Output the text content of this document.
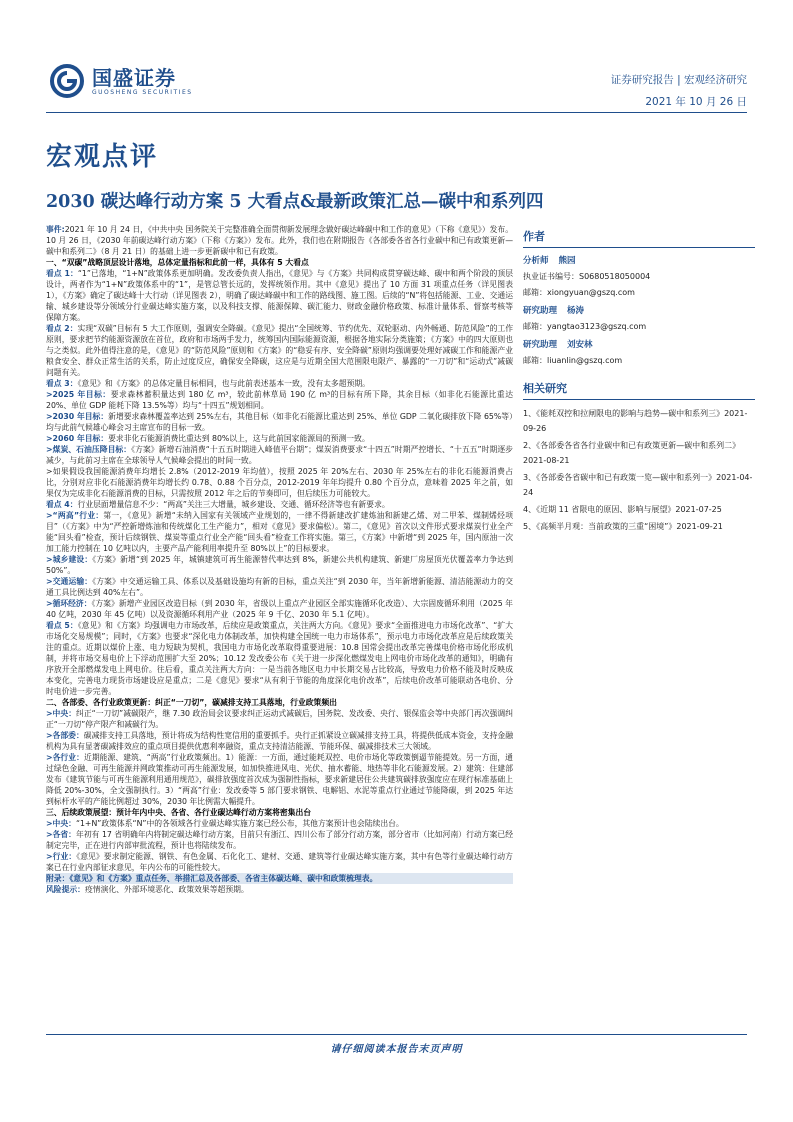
国盛证券
GUOSHENG SECURITIES
证券研究报告 | 宏观经济研究
2021 年 10 月 26 日
宏观点评
2030 碳达峰行动方案 5 大看点&最新政策汇总—碳中和系列四

事件:2021 年 10 月 24 日，《中共中央 国务院关于完整准确全面贯彻新发展理念做好碳达峰碳中和工作的意见》（下称《意见》）发布。10 月 26 日，《2030 年前碳达峰行动方案》（下称《方案》）发布。此外，我们也在附期报告《各部委各省各行业碳中和已有政策更新—碳中和系列二》（8 月 21 日）的基础上进一步更新碳中和已有政策。

一、“双碳”战略顶层设计落地，总体定量指标和此前一样，具体有 5 大看点

看点 1：“1”已落地，“1+N”政策体系更加明确。发改委负责人指出，《意见》与《方案》共同构成贯穿碳达峰、碳中和两个阶段的顶层设计，两者作为“1+N”政策体系中的“1”，是管总管长远的，发挥统领作用。其中《意见》提出了 10 方面 31 项重点任务（详见图表 1），《方案》确定了碳达峰十大行动（详见图表 2），明确了碳达峰碳中和工作的路线图、施工图。后续的“N”将包括能源、工业、交通运输、城乡建设等分领域分行业碳达峰实施方案，以及科技支撑、能源保障、碳汇能力、财政金融价格政策、标准计量体系、督察考核等保障方案。

看点 2：实现“双碳”目标有 5 大工作原则，强调安全降碳。《意见》提出“全国统筹、节约优先、双轮驱动、内外畅通、防范风险”的工作原则，要求把节约能源资源放在首位，政府和市场两手发力，统筹国内国际能源资源，根据各地实际分类施策；《方案》中的四大原则也与之类似。此外值得注意的是，《意见》的“防范风险”原则和《方案》的“稳妥有序、安全降碳”原则均强调要处理好减碳工作和能源产业粮食安全、群众正常生活的关系，防止过度反应，确保安全降碳，这应是与近期全国大范围限电限产、暴露的“一刀切”和“运动式”减碳问题有关。

看点 3：《意见》和《方案》的总体定量目标相同，也与此前表述基本一致，没有太多超预期。

>2025 年目标：要求森林蓄积量达到 180 亿 m³，较此前林草局 190 亿 m³的目标有所下降，其余目标（如非化石能源比重达 20%、单位 GDP 能耗下降 13.5%等）均与“十四五”规划相同。

>2030 年目标：新增要求森林覆盖率达到 25%左右，其他目标（如非化石能源比重达到 25%、单位 GDP 二氧化碳排放下降 65%等）均与此前气候雄心峰会习主席宣布的目标一致。

>2060 年目标：要求非化石能源消费比重达到 80%以上，这与此前国家能源局的预测一致。

>煤炭、石油压降目标：《方案》新增石油消费“十五五时期进入峰值平台期”；煤炭消费要求“十四五”时期严控增长、“十五五”时期逐步减少，与此前习主席在全球领导人气候峰会提出的时间一致。

>如果假设我国能源消费年均增长 2.8%（2012-2019 年均值），按照 2025 年 20%左右、2030 年 25%左右的非化石能源消费占比，分别对应非化石能源消费年均增长约 0.78、0.88 个百分点，2012-2019 年年均提升 0.80 个百分点，意味着 2025 年之前，如果仅为完成非化石能源消费的目标，只需按照 2012 年之后的节奏即可，但后续压力可能较大。

看点 4：行业层面增量信息不少：“两高”关注三大增量，城乡建设、交通、循环经济等也有新要求。

>“两高”行业：第一，《意见》新增“未纳入国家有关领域产业规划的，一律不得新建改扩建炼油和新建乙烯、对二甲苯、煤制烯烃项目”（《方案》中为“严控新增炼油和传统煤化工生产能力”，相对《意见》要求偏松）。第二，《意见》首次以文件形式要求煤炭行业全产能“回头看”检查，预计后续钢铁、煤炭等重点行业全产能“回头看”检查工作将实施。第三，《方案》中新增“到 2025 年，国内原油一次加工能力控制在 10 亿吨以内，主要产品产能利用率提升至 80%以上”的目标要求。

>城乡建设：《方案》新增“到 2025 年，城镇建筑可再生能源替代率达到 8%，新建公共机构建筑、新建厂房屋顶光伏覆盖率力争达到 50%”。

>交通运输：《方案》中交通运输工具、体系以及基础设施均有新的目标，重点关注“到 2030 年，当年新增新能源、清洁能源动力的交通工具比例达到 40%左右”。

>循环经济：《方案》新增产业园区改造目标（到 2030 年，省级以上重点产业园区全部实施循环化改造）、大宗固废循环利用（2025 年 40 亿吨，2030 年 45 亿吨）以及资源循环利用产业（2025 年 9 千亿、2030 年 5.1 亿吨）。

看点 5：《意见》和《方案》均强调电力市场改革，后续应是政策重点，关注两大方向。《意见》要求“全面推进电力市场化改革”、“扩大市场化交易规模”；同时，《方案》也要求“深化电力体制改革，加快构建全国统一电力市场体系”，预示电力市场化改革应是后续政策关注的重点。近期以煤价上涨、电力短缺为契机，我国电力市场化改革取得重要进展：10.8 国常会提出改革完善煤电价格市场化形成机制，并将市场交易电价上下浮动范围扩大至 20%；10.12 发改委公布《关于进一步深化燃煤发电上网电价市场化改革的通知》，明确有序放开全部燃煤发电上网电价。往后看，重点关注两大方向：一是当前各地区电力中长期交易占比较高，导致电力价格不能及时反映成本变化，完善电力现货市场建设应是重点；二是《意见》要求“从有利于节能的角度深化电价改革”，后续电价改革可能联动各电价、分时电价进一步完善。

二、各部委、各行业政策更新：纠正“一刀切”，碳减排支持工具落地，行业政策频出

>中央：纠正“一刀切”减碳限产，继 7.30 政治局会议要求纠正运动式减碳后，国务院、发改委、央行、银保监会等中央部门再次强调纠正“一刀切”停产限产和减碳行为。

>各部委：碳减排支持工具落地，预计将成为结构性宽信用的重要抓手。央行正抓紧设立碳减排支持工具，将提供低成本资金，支持金融机构为具有显著碳减排效应的重点项目提供优惠利率融资，重点支持清洁能源、节能环保、碳减排技术三大领域。

>各行业：近期能源、建筑、“两高”行业政策频出。1）能源：一方面，通过能耗双控、电价市场化等政策倒逼节能提效。另一方面，通过绿色金融、可再生能源并网政策推动可再生能源发展，如加快推进风电、光伏、抽水蓄能、地热等非化石能源发展。2）建筑：住建部发布《建筑节能与可再生能源利用通用规范》，碳排放强度首次成为强制性指标，要求新建居住公共建筑碳排放强度应在现行标准基础上降低 20%-30%，全文强制执行。3）“两高”行业：发改委等 5 部门要求钢铁、电解铝、水泥等重点行业通过节能降碳，到 2025 年达到标杆水平的产能比例超过 30%，2030 年比例需大幅提升。

三、后续政策展望：预计年内中央、各省、各行业碳达峰行动方案将密集出台

>中央：“1+N”政策体系“N”中的各领域各行业碳达峰实施方案已经公布，其他方案预计也会陆续出台。

>各省：年初有 17 省明确年内将制定碳达峰行动方案，目前只有浙江、四川公布了部分行动方案，部分省市（比如河南）行动方案已经制定完毕，正在进行内部审批流程，预计也将陆续发布。

>行业：《意见》要求制定能源、钢铁、有色金属、石化化工、建材、交通、建筑等行业碳达峰实施方案，其中有色等行业碳达峰行动方案已在行业内部征求意见，年内公布的可能性较大。

附录：《意见》和《方案》重点任务、举措汇总及各部委、各省主体碳达峰、碳中和政策梳理表。

风险提示：疫情演化、外部环境恶化、政策效果等超预期。

作者
分析师 熊园
执业证书编号：S0680518050004
邮箱：xiongyuan@gszq.com
研究助理 杨涛
邮箱：yangtao3123@gszq.com
研究助理 刘安林
邮箱：liuanlin@gszq.com
相关研究
1、《能耗双控和拉闸限电的影响与趋势—碳中和系列三》2021-09-26
2、《各部委各省各行业碳中和已有政策更新—碳中和系列二》2021-08-21
3、《各部委各省碳中和已有政策一览—碳中和系列一》2021-04-24
4、《近期 11 省限电的原因、影响与展望》2021-07-25
5、《高频半月观：当前政策的三重“困境”》2021-09-21
请仔细阅读本报告末页声明
